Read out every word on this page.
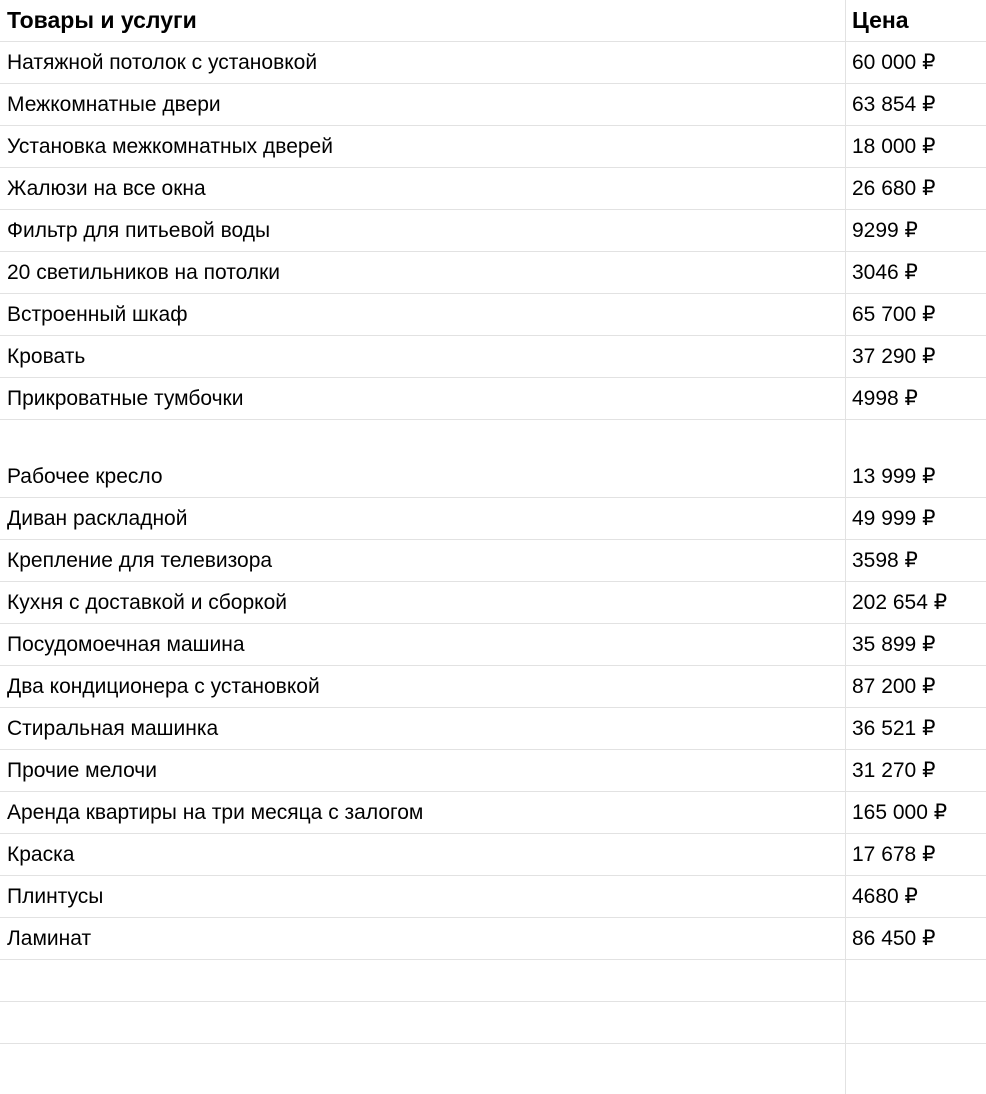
Товары и услуги	Цена
Натяжной потолок с установкой	60 000 ₽
Межкомнатные двери	63 854 ₽
Установка межкомнатных дверей	18 000 ₽
Жалюзи на все окна	26 680 ₽
Фильтр для питьевой воды	9299 ₽
20 светильников на потолки	3046 ₽
Встроенный шкаф	65 700 ₽
Кровать	37 290 ₽
Прикроватные тумбочки	4998 ₽
Рабочее кресло	13 999 ₽
Диван раскладной	49 999 ₽
Крепление для телевизора	3598 ₽
Кухня с доставкой и сборкой	202 654 ₽
Посудомоечная машина	35 899 ₽
Два кондиционера с установкой	87 200 ₽
Стиральная машинка	36 521 ₽
Прочие мелочи	31 270 ₽
Аренда квартиры на три месяца с залогом	165 000 ₽
Краска	17 678 ₽
Плинтусы	4680 ₽
Ламинат	86 450 ₽
